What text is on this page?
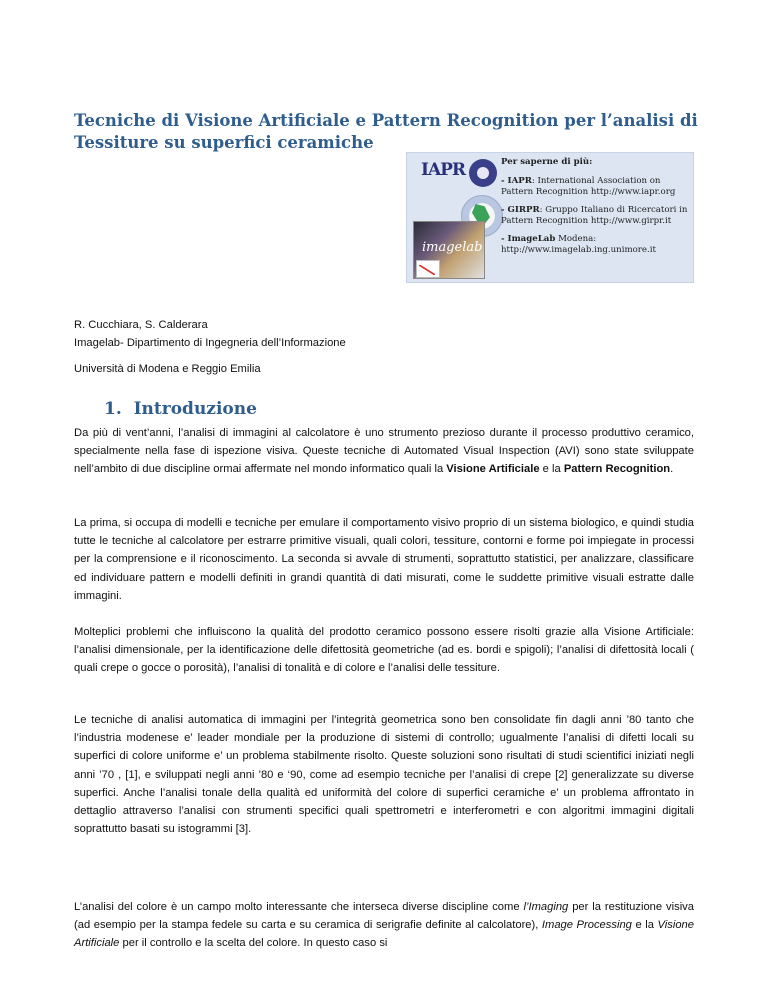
Tecniche di Visione Artificiale e Pattern Recognition per l’analisi di Tessiture su superfici ceramiche
IAPR
imagelab

Per saperne di più:

- IAPR: International Association on Pattern Recognition http://www.iapr.org

- GIRPR: Gruppo Italiano di Ricercatori in Pattern Recognition http://www.girpr.it

- ImageLab Modena: http://www.imagelab.ing.unimore.it

R. Cucchiara, S. Calderara

Imagelab- Dipartimento di Ingegneria dell’Informazione

Università di Modena e Reggio Emilia

1. Introduzione

Da più di vent’anni, l’analisi di immagini al calcolatore è uno strumento prezioso durante il processo produttivo ceramico, specialmente nella fase di ispezione visiva. Queste tecniche di Automated Visual Inspection (AVI) sono state sviluppate nell’ambito di due discipline ormai affermate nel mondo informatico quali la Visione Artificiale e la Pattern Recognition.

La prima, si occupa di modelli e tecniche per emulare il comportamento visivo proprio di un sistema biologico, e quindi studia tutte le tecniche al calcolatore per estrarre primitive visuali, quali colori, tessiture, contorni e forme poi impiegate in processi per la comprensione e il riconoscimento. La seconda si avvale di strumenti, soprattutto statistici, per analizzare, classificare ed individuare pattern e modelli definiti in grandi quantità di dati misurati, come le suddette primitive visuali estratte dalle immagini.

Molteplici problemi che influiscono la qualità del prodotto ceramico possono essere risolti grazie alla Visione Artificiale: l’analisi dimensionale, per la identificazione delle difettosità geometriche (ad es. bordi e spigoli); l’analisi di difettosità locali ( quali crepe o gocce o porosità), l’analisi di tonalità e di colore e l’analisi delle tessiture.

Le tecniche di analisi automatica di immagini per l’integrità geometrica sono ben consolidate fin dagli anni ’80 tanto che l’industria modenese e’ leader mondiale per la produzione di sistemi di controllo; ugualmente l’analisi di difetti locali su superfici di colore uniforme e’ un problema stabilmente risolto. Queste soluzioni sono risultati di studi scientifici iniziati negli anni ’70 , [1], e sviluppati negli anni ’80 e ‘90, come ad esempio tecniche per l’analisi di crepe [2] generalizzate su diverse superfici. Anche l’analisi tonale della qualità ed uniformità del colore di superfici ceramiche e’ un problema affrontato in dettaglio attraverso l’analisi con strumenti specifici quali spettrometri e interferometri e con algoritmi immagini digitali soprattutto basati su istogrammi [3].

L’analisi del colore è un campo molto interessante che interseca diverse discipline come l’Imaging per la restituzione visiva (ad esempio per la stampa fedele su carta e su ceramica di serigrafie definite al calcolatore), Image Processing e la Visione Artificiale per il controllo e la scelta del colore. In questo caso si
